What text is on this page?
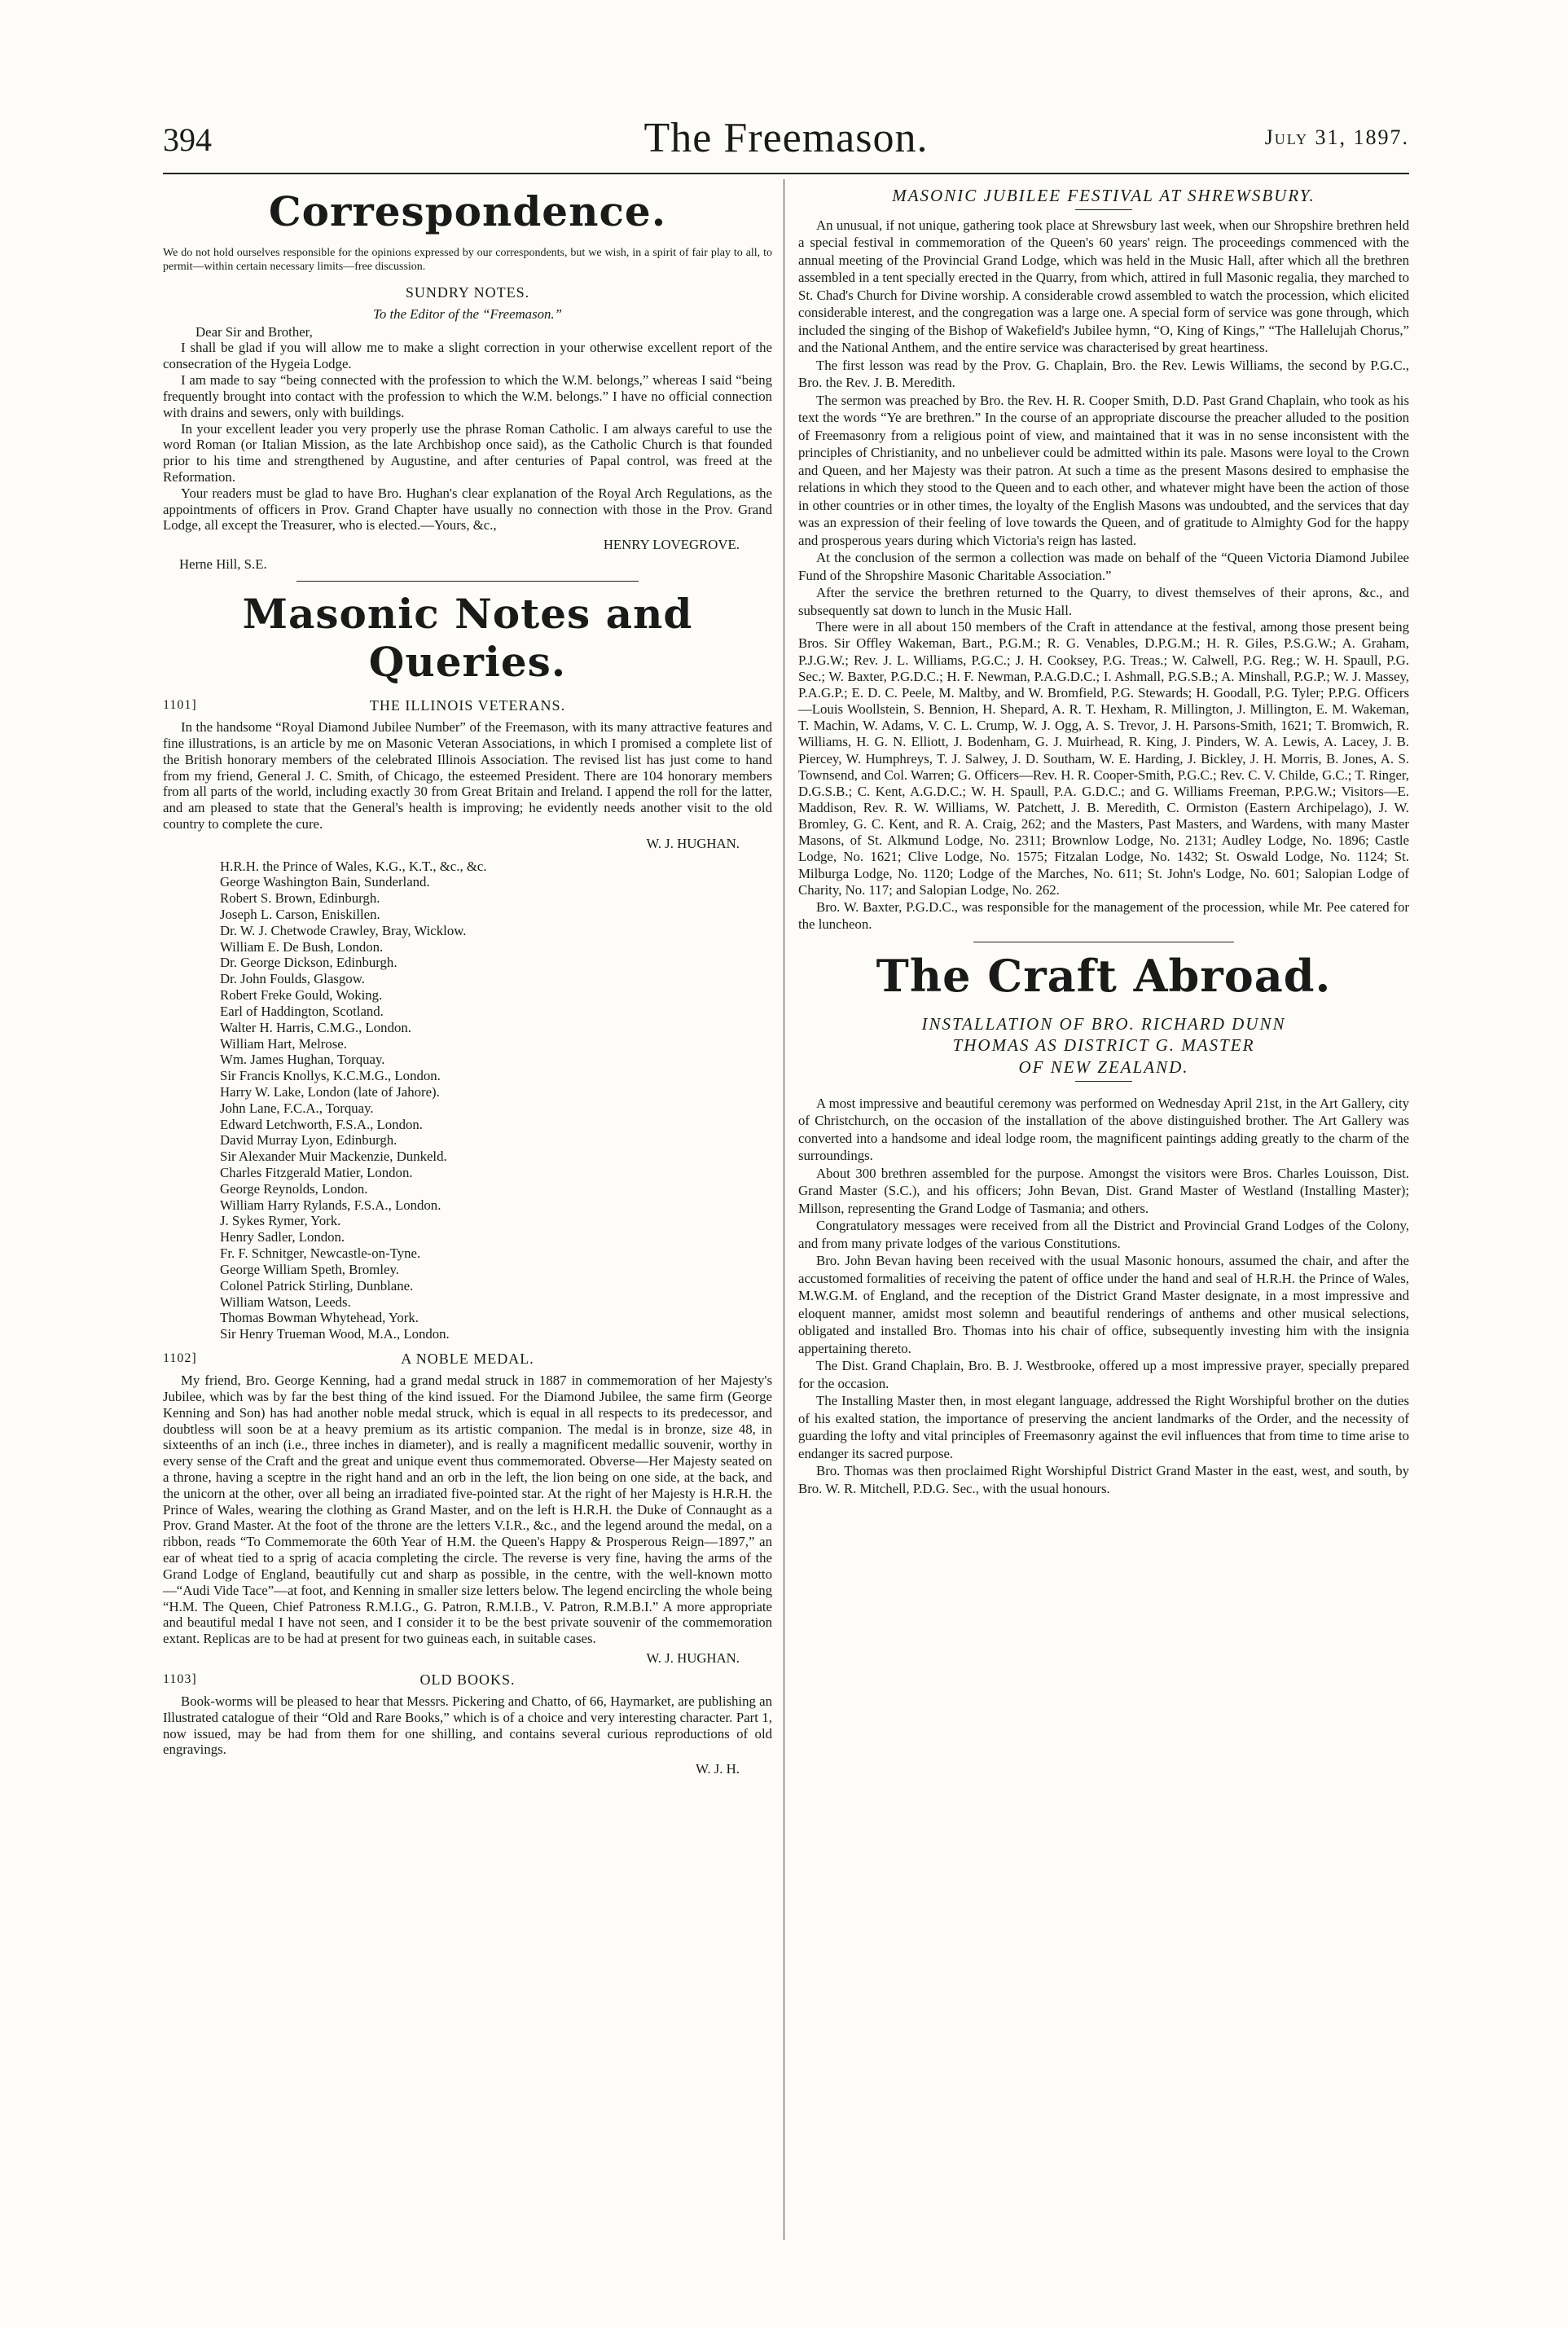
394	The Freemason.	July 31, 1897.
Correspondence.
We do not hold ourselves responsible for the opinions expressed by our correspondents, but we wish, in a spirit of fair play to all, to permit—within certain necessary limits—free discussion.
SUNDRY NOTES.
To the Editor of the “Freemason.”
Dear Sir and Brother,

I shall be glad if you will allow me to make a slight correction in your otherwise excellent report of the consecration of the Hygeia Lodge.

I am made to say “being connected with the profession to which the W.M. belongs,” whereas I said “being frequently brought into contact with the profession to which the W.M. belongs.” I have no official connection with drains and sewers, only with buildings.

In your excellent leader you very properly use the phrase Roman Catholic. I am always careful to use the word Roman (or Italian Mission, as the late Archbishop once said), as the Catholic Church is that founded prior to his time and strengthened by Augustine, and after centuries of Papal control, was freed at the Reformation.

Your readers must be glad to have Bro. Hughan's clear explanation of the Royal Arch Regulations, as the appointments of officers in Prov. Grand Chapter have usually no connection with those in the Prov. Grand Lodge, all except the Treasurer, who is elected.—Yours, &c.,

HENRY LOVEGROVE.
Herne Hill, S.E.
Masonic Notes and Queries.
1101]	THE ILLINOIS VETERANS.

In the handsome “Royal Diamond Jubilee Number” of the Freemason, with its many attractive features and fine illustrations, is an article by me on Masonic Veteran Associations, in which I promised a complete list of the British honorary members of the celebrated Illinois Association. The revised list has just come to hand from my friend, General J. C. Smith, of Chicago, the esteemed President. There are 104 honorary members from all parts of the world, including exactly 30 from Great Britain and Ireland. I append the roll for the latter, and am pleased to state that the General's health is improving; he evidently needs another visit to the old country to complete the cure.

W. J. HUGHAN.
H.R.H. the Prince of Wales, K.G., K.T., &c., &c.
George Washington Bain, Sunderland.
Robert S. Brown, Edinburgh.
Joseph L. Carson, Eniskillen.
Dr. W. J. Chetwode Crawley, Bray, Wicklow.
William E. De Bush, London.
Dr. George Dickson, Edinburgh.
Dr. John Foulds, Glasgow.
Robert Freke Gould, Woking.
Earl of Haddington, Scotland.
Walter H. Harris, C.M.G., London.
William Hart, Melrose.
Wm. James Hughan, Torquay.
Sir Francis Knollys, K.C.M.G., London.
Harry W. Lake, London (late of Jahore).
John Lane, F.C.A., Torquay.
Edward Letchworth, F.S.A., London.
David Murray Lyon, Edinburgh.
Sir Alexander Muir Mackenzie, Dunkeld.
Charles Fitzgerald Matier, London.
George Reynolds, London.
William Harry Rylands, F.S.A., London.
J. Sykes Rymer, York.
Henry Sadler, London.
Fr. F. Schnitger, Newcastle-on-Tyne.
George William Speth, Bromley.
Colonel Patrick Stirling, Dunblane.
William Watson, Leeds.
Thomas Bowman Whytehead, York.
Sir Henry Trueman Wood, M.A., London.
1102]	A NOBLE MEDAL.

My friend, Bro. George Kenning, had a grand medal struck in 1887 in commemoration of her Majesty's Jubilee, which was by far the best thing of the kind issued. For the Diamond Jubilee, the same firm (George Kenning and Son) has had another noble medal struck, which is equal in all respects to its predecessor, and doubtless will soon be at a heavy premium as its artistic companion. The medal is in bronze, size 48, in sixteenths of an inch (i.e., three inches in diameter), and is really a magnificent medallic souvenir, worthy in every sense of the Craft and the great and unique event thus commemorated. Obverse—Her Majesty seated on a throne, having a sceptre in the right hand and an orb in the left, the lion being on one side, at the back, and the unicorn at the other, over all being an irradiated five-pointed star. At the right of her Majesty is H.R.H. the Prince of Wales, wearing the clothing as Grand Master, and on the left is H.R.H. the Duke of Connaught as a Prov. Grand Master. At the foot of the throne are the letters V.I.R., &c., and the legend around the medal, on a ribbon, reads “To Commemorate the 60th Year of H.M. the Queen's Happy & Prosperous Reign—1897,” an ear of wheat tied to a sprig of acacia completing the circle. The reverse is very fine, having the arms of the Grand Lodge of England, beautifully cut and sharp as possible, in the centre, with the well-known motto—“Audi Vide Tace”—at foot, and Kenning in smaller size letters below. The legend encircling the whole being “H.M. The Queen, Chief Patroness R.M.I.G., G. Patron, R.M.I.B., V. Patron, R.M.B.I.” A more appropriate and beautiful medal I have not seen, and I consider it to be the best private souvenir of the commemoration extant. Replicas are to be had at present for two guineas each, in suitable cases.

W. J. HUGHAN.
1103]	OLD BOOKS.

Book-worms will be pleased to hear that Messrs. Pickering and Chatto, of 66, Haymarket, are publishing an Illustrated catalogue of their “Old and Rare Books,” which is of a choice and very interesting character. Part 1, now issued, may be had from them for one shilling, and contains several curious reproductions of old engravings.

W. J. H.
MASONIC JUBILEE FESTIVAL AT SHREWSBURY.

An unusual, if not unique, gathering took place at Shrewsbury last week, when our Shropshire brethren held a special festival in commemoration of the Queen's 60 years' reign. The proceedings commenced with the annual meeting of the Provincial Grand Lodge, which was held in the Music Hall, after which all the brethren assembled in a tent specially erected in the Quarry, from which, attired in full Masonic regalia, they marched to St. Chad's Church for Divine worship. A considerable crowd assembled to watch the procession, which elicited considerable interest, and the congregation was a large one. A special form of service was gone through, which included the singing of the Bishop of Wakefield's Jubilee hymn, “O, King of Kings,” “The Hallelujah Chorus,” and the National Anthem, and the entire service was characterised by great heartiness.

The first lesson was read by the Prov. G. Chaplain, Bro. the Rev. Lewis Williams, the second by P.G.C., Bro. the Rev. J. B. Meredith.

The sermon was preached by Bro. the Rev. H. R. Cooper Smith, D.D. Past Grand Chaplain, who took as his text the words “Ye are brethren.” In the course of an appropriate discourse the preacher alluded to the position of Freemasonry from a religious point of view, and maintained that it was in no sense inconsistent with the principles of Christianity, and no unbeliever could be admitted within its pale. Masons were loyal to the Crown and Queen, and her Majesty was their patron. At such a time as the present Masons desired to emphasise the relations in which they stood to the Queen and to each other, and whatever might have been the action of those in other countries or in other times, the loyalty of the English Masons was undoubted, and the services that day was an expression of their feeling of love towards the Queen, and of gratitude to Almighty God for the happy and prosperous years during which Victoria's reign has lasted.

At the conclusion of the sermon a collection was made on behalf of the “Queen Victoria Diamond Jubilee Fund of the Shropshire Masonic Charitable Association.”

After the service the brethren returned to the Quarry, to divest themselves of their aprons, &c., and subsequently sat down to lunch in the Music Hall.

There were in all about 150 members of the Craft in attendance at the festival, among those present being Bros. Sir Offley Wakeman, Bart., P.G.M.; R. G. Venables, D.P.G.M.; H. R. Giles, P.S.G.W.; A. Graham, P.J.G.W.; Rev. J. L. Williams, P.G.C.; J. H. Cooksey, P.G. Treas.; W. Calwell, P.G. Reg.; W. H. Spaull, P.G. Sec.; W. Baxter, P.G.D.C.; H. F. Newman, P.A.G.D.C.; I. Ashmall, P.G.S.B.; A. Minshall, P.G.P.; W. J. Massey, P.A.G.P.; E. D. C. Peele, M. Maltby, and W. Bromfield, P.G. Stewards; H. Goodall, P.G. Tyler; P.P.G. Officers—Louis Woollstein, S. Bennion, H. Shepard, A. R. T. Hexham, R. Millington, J. Millington, E. M. Wakeman, T. Machin, W. Adams, V. C. L. Crump, W. J. Ogg, A. S. Trevor, J. H. Parsons-Smith, 1621; T. Bromwich, R. Williams, H. G. N. Elliott, J. Bodenham, G. J. Muirhead, R. King, J. Pinders, W. A. Lewis, A. Lacey, J. B. Piercey, W. Humphreys, T. J. Salwey, J. D. Southam, W. E. Harding, J. Bickley, J. H. Morris, B. Jones, A. S. Townsend, and Col. Warren; G. Officers—Rev. H. R. Cooper-Smith, P.G.C.; Rev. C. V. Childe, G.C.; T. Ringer, D.G.S.B.; C. Kent, A.G.D.C.; W. H. Spaull, P.A. G.D.C.; and G. Williams Freeman, P.P.G.W.; Visitors—E. Maddison, Rev. R. W. Williams, W. Patchett, J. B. Meredith, C. Ormiston (Eastern Archipelago), J. W. Bromley, G. C. Kent, and R. A. Craig, 262; and the Masters, Past Masters, and Wardens, with many Master Masons, of St. Alkmund Lodge, No. 2311; Brownlow Lodge, No. 2131; Audley Lodge, No. 1896; Castle Lodge, No. 1621; Clive Lodge, No. 1575; Fitzalan Lodge, No. 1432; St. Oswald Lodge, No. 1124; St. Milburga Lodge, No. 1120; Lodge of the Marches, No. 611; St. John's Lodge, No. 601; Salopian Lodge of Charity, No. 117; and Salopian Lodge, No. 262.

Bro. W. Baxter, P.G.D.C., was responsible for the management of the procession, while Mr. Pee catered for the luncheon.

The Craft Abroad.
INSTALLATION OF BRO. RICHARD DUNN
THOMAS AS DISTRICT G. MASTER
OF NEW ZEALAND.

A most impressive and beautiful ceremony was performed on Wednesday April 21st, in the Art Gallery, city of Christchurch, on the occasion of the installation of the above distinguished brother. The Art Gallery was converted into a handsome and ideal lodge room, the magnificent paintings adding greatly to the charm of the surroundings.

About 300 brethren assembled for the purpose. Amongst the visitors were Bros. Charles Louisson, Dist. Grand Master (S.C.), and his officers; John Bevan, Dist. Grand Master of Westland (Installing Master); Millson, representing the Grand Lodge of Tasmania; and others.

Congratulatory messages were received from all the District and Provincial Grand Lodges of the Colony, and from many private lodges of the various Constitutions.

Bro. John Bevan having been received with the usual Masonic honours, assumed the chair, and after the accustomed formalities of receiving the patent of office under the hand and seal of H.R.H. the Prince of Wales, M.W.G.M. of England, and the reception of the District Grand Master designate, in a most impressive and eloquent manner, amidst most solemn and beautiful renderings of anthems and other musical selections, obligated and installed Bro. Thomas into his chair of office, subsequently investing him with the insignia appertaining thereto.

The Dist. Grand Chaplain, Bro. B. J. Westbrooke, offered up a most impressive prayer, specially prepared for the occasion.

The Installing Master then, in most elegant language, addressed the Right Worshipful brother on the duties of his exalted station, the importance of preserving the ancient landmarks of the Order, and the necessity of guarding the lofty and vital principles of Freemasonry against the evil influences that from time to time arise to endanger its sacred purpose.

Bro. Thomas was then proclaimed Right Worshipful District Grand Master in the east, west, and south, by Bro. W. R. Mitchell, P.D.G. Sec., with the usual honours.
